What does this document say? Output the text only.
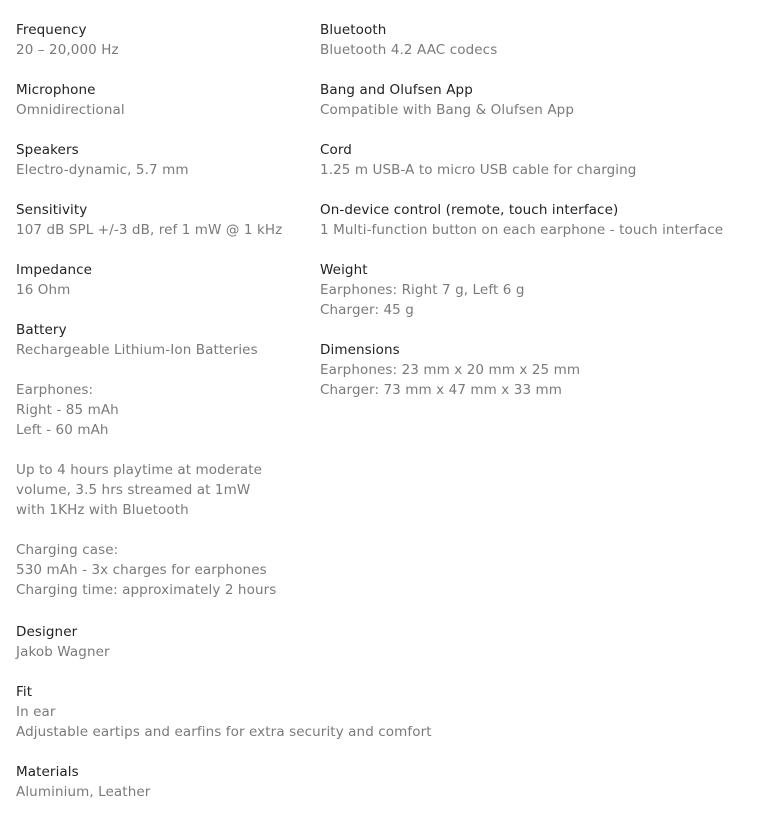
Frequency
20 – 20,000 Hz
Microphone
Omnidirectional
Speakers
Electro-dynamic, 5.7 mm
Sensitivity
107 dB SPL +/-3 dB, ref 1 mW @ 1 kHz
Impedance
16 Ohm
Battery
Rechargeable Lithium-Ion Batteries
Earphones:
Right - 85 mAh
Left - 60 mAh
Up to 4 hours playtime at moderate
volume, 3.5 hrs streamed at 1mW
with 1KHz with Bluetooth
Charging case:
530 mAh - 3x charges for earphones
Charging time: approximately 2 hours
Designer
Jakob Wagner
Fit
In ear
Adjustable eartips and earfins for extra security and comfort
Materials
Aluminium, Leather
Bluetooth
Bluetooth 4.2 AAC codecs
Bang and Olufsen App
Compatible with Bang & Olufsen App
Cord
1.25 m USB-A to micro USB cable for charging
On-device control (remote, touch interface)
1 Multi-function button on each earphone - touch interface
Weight
Earphones: Right 7 g, Left 6 g
Charger: 45 g
Dimensions
Earphones: 23 mm x 20 mm x 25 mm
Charger: 73 mm x 47 mm x 33 mm
